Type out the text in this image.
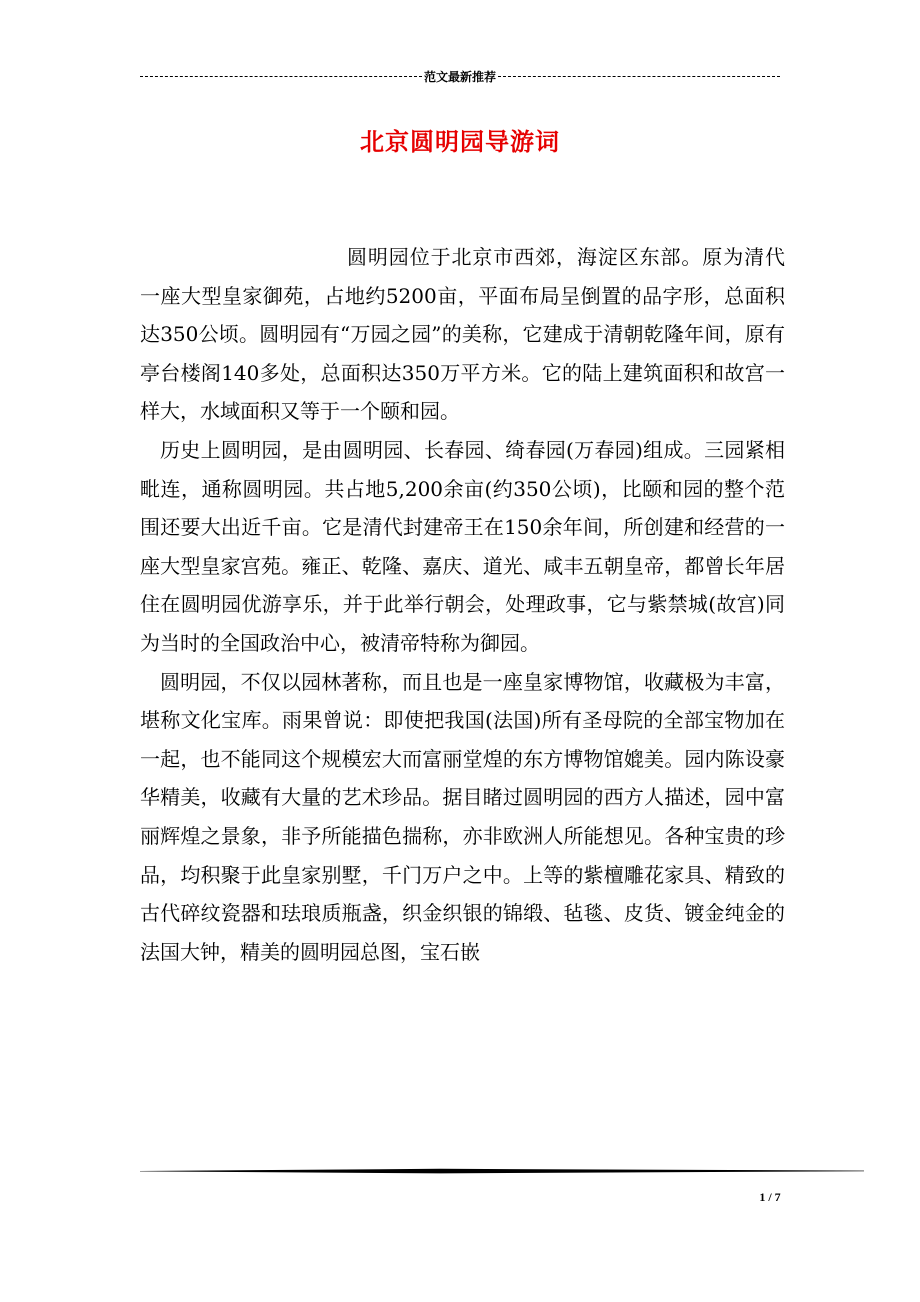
范文最新推荐
北京圆明园导游词

圆明园位于北京市西郊，海淀区东部。原为清代一座大型皇家御苑，占地约5200亩，平面布局呈倒置的品字形，总面积达350公顷。圆明园有“万园之园”的美称，它建成于清朝乾隆年间，原有亭台楼阁140多处，总面积达350万平方米。它的陆上建筑面积和故宫一样大，水域面积又等于一个颐和园。

历史上圆明园，是由圆明园、长春园、绮春园(万春园)组成。三园紧相毗连，通称圆明园。共占地5,200余亩(约350公顷)，比颐和园的整个范围还要大出近千亩。它是清代封建帝王在150余年间，所创建和经营的一座大型皇家宫苑。雍正、乾隆、嘉庆、道光、咸丰五朝皇帝，都曾长年居住在圆明园优游享乐，并于此举行朝会，处理政事，它与紫禁城(故宫)同为当时的全国政治中心，被清帝特称为御园。

圆明园，不仅以园林著称，而且也是一座皇家博物馆，收藏极为丰富，堪称文化宝库。雨果曾说：即使把我国(法国)所有圣母院的全部宝物加在一起，也不能同这个规模宏大而富丽堂煌的东方博物馆媲美。园内陈设豪华精美，收藏有大量的艺术珍品。据目睹过圆明园的西方人描述，园中富丽辉煌之景象，非予所能描色揣称，亦非欧洲人所能想见。各种宝贵的珍品，均积聚于此皇家别墅，千门万户之中。上等的紫檀雕花家具、精致的古代碎纹瓷器和珐琅质瓶盏，织金织银的锦缎、毡毯、皮货、镀金纯金的法国大钟，精美的圆明园总图，宝石嵌

1 / 7
